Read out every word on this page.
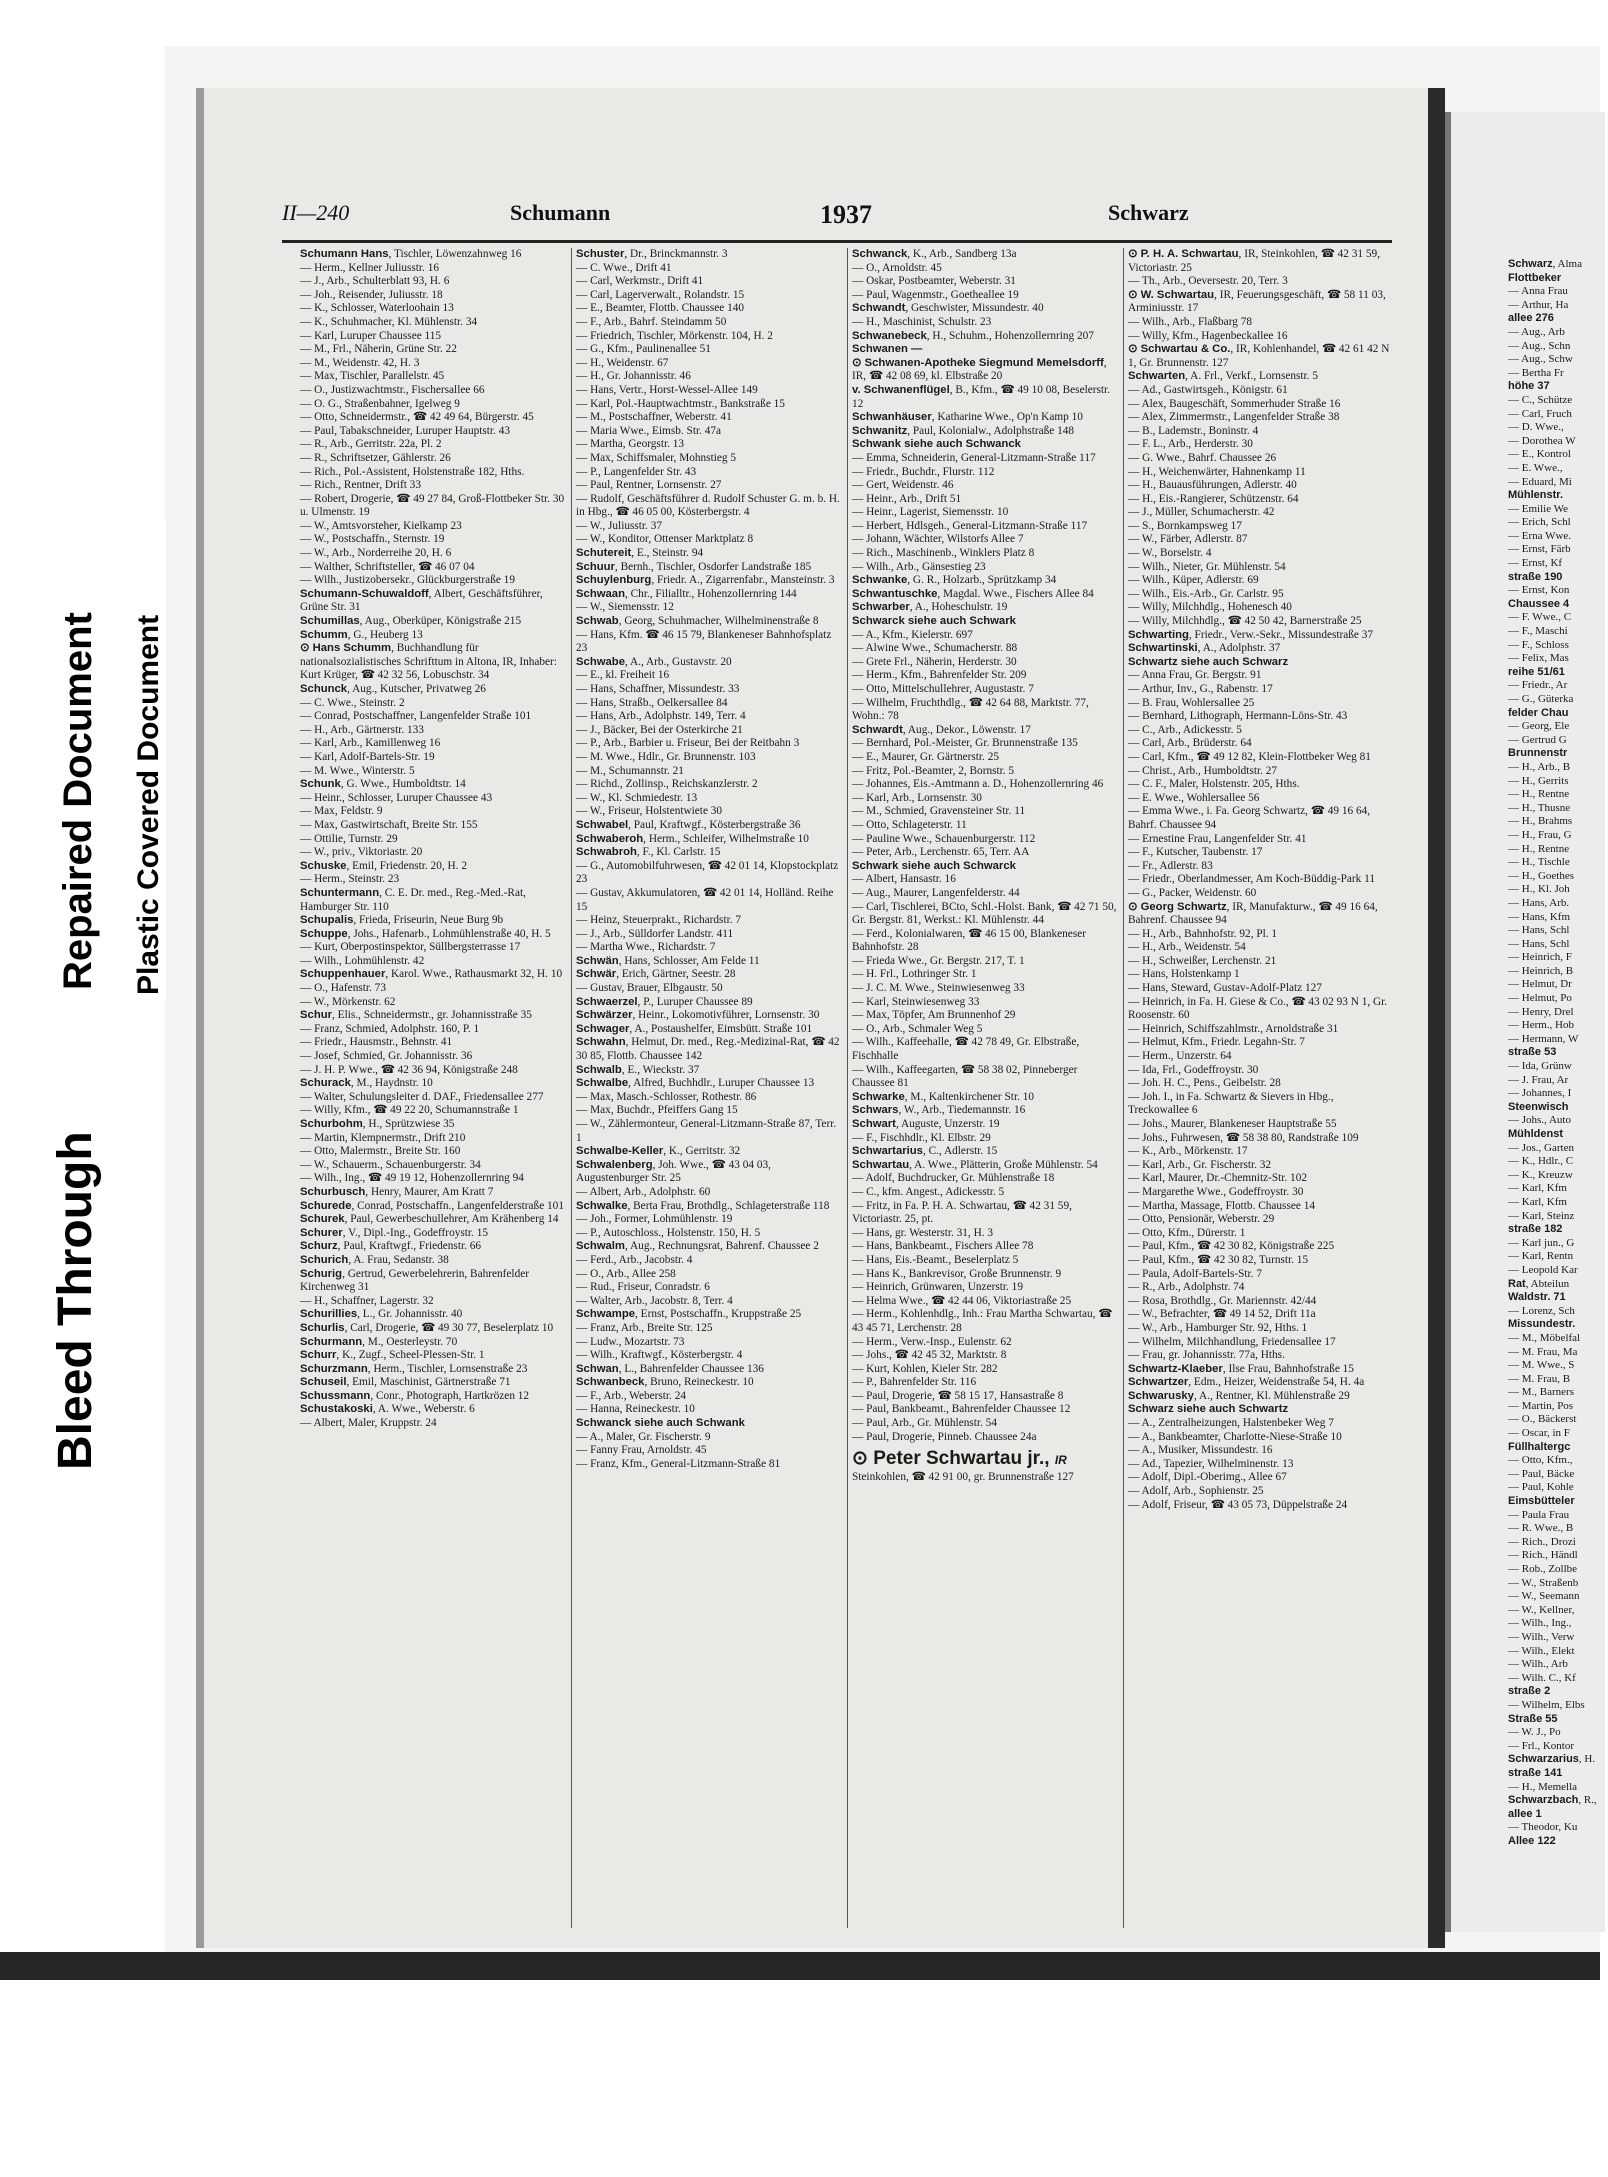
Bleed Through
Repaired Document Plastic Covered Document
II—240	Schumann	1937	Schwarz
Schumann Hans, Tischler, Löwenzahnweg 16
— Herm., Kellner Juliusstr. 16
— J., Arb., Schulterblatt 93, H. 6
— Joh., Reisender, Juliusstr. 18
— K., Schlosser, Waterloohain 13
— K., Schuhmacher, Kl. Mühlenstr. 34
— Karl, Luruper Chaussee 115
— M., Frl., Näherin, Grüne Str. 22
— M., Weidenstr. 42, H. 3
— Max, Tischler, Parallelstr. 45
— O., Justizwachtmstr., Fischersallee 66
— O. G., Straßenbahner, Igelweg 9
— Otto, Schneidermstr., ☎ 42 49 64, Bürgerstr. 45
— Paul, Tabakschneider, Luruper Hauptstr. 43
— R., Arb., Gerritstr. 22a, Pl. 2
— R., Schriftsetzer, Gählerstr. 26
— Rich., Pol.-Assistent, Holstenstraße 182, Hths.
— Rich., Rentner, Drift 33
— Robert, Drogerie, ☎ 49 27 84, Groß-Flottbeker Str. 30 u. Ulmenstr. 19
— W., Amtsvorsteher, Kielkamp 23
— W., Postschaffn., Sternstr. 19
— W., Arb., Norderreihe 20, H. 6
— Walther, Schriftsteller, ☎ 46 07 04
— Wilh., Justizobersekr., Glückburgerstraße 19
Schumann-Schuwaldoff, Albert, Geschäftsführer, Grüne Str. 31
Schumillas, Aug., Oberküper, Königstraße 215
Schumm, G., Heuberg 13
⊙ Hans Schumm, Buchhandlung für nationalsozialistisches Schrifttum in Altona, IR, Inhaber: Kurt Krüger, ☎ 42 32 56, Lobuschstr. 34
Schunck, Aug., Kutscher, Privatweg 26
— C. Wwe., Steinstr. 2
— Conrad, Postschaffner, Langenfelder Straße 101
— H., Arb., Gärtnerstr. 133
— Karl, Arb., Kamillenweg 16
— Karl, Adolf-Bartels-Str. 19
— M. Wwe., Winterstr. 5
Schunk, G. Wwe., Humboldtstr. 14
— Heinr., Schlosser, Luruper Chaussee 43
— Max, Feldstr. 9
— Max, Gastwirtschaft, Breite Str. 155
— Ottilie, Turnstr. 29
— W., priv., Viktoriastr. 20
Schuske, Emil, Friedenstr. 20, H. 2
— Herm., Steinstr. 23
Schuntermann, C. E. Dr. med., Reg.-Med.-Rat, Hamburger Str. 110
Schupalis, Frieda, Friseurin, Neue Burg 9b
Schuppe, Johs., Hafenarb., Lohmühlenstraße 40, H. 5
— Kurt, Oberpostinspektor, Süllbergsterrasse 17
— Wilh., Lohmühlenstr. 42
Schuppenhauer, Karol. Wwe., Rathausmarkt 32, H. 10
— O., Hafenstr. 73
— W., Mörkenstr. 62
Schur, Elis., Schneidermstr., gr. Johannisstraße 35
— Franz, Schmied, Adolphstr. 160, P. 1
— Friedr., Hausmstr., Behnstr. 41
— Josef, Schmied, Gr. Johannisstr. 36
— J. H. P. Wwe., ☎ 42 36 94, Königstraße 248
Schurack, M., Haydnstr. 10
— Walter, Schulungsleiter d. DAF., Friedensallee 277
— Willy, Kfm., ☎ 49 22 20, Schumannstraße 1
Schurbohm, H., Sprützwiese 35
— Martin, Klempnermstr., Drift 210
— Otto, Malermstr., Breite Str. 160
— W., Schauerm., Schauenburgerstr. 34
— Wilh., Ing., ☎ 49 19 12, Hohenzollernring 94
Schurbusch, Henry, Maurer, Am Kratt 7
Schurede, Conrad, Postschaffn., Langenfelderstraße 101
Schurek, Paul, Gewerbeschullehrer, Am Krähenberg 14
Schurer, V., Dipl.-Ing., Godeffroystr. 15
Schurz, Paul, Kraftwgf., Friedenstr. 66
Schurich, A. Frau, Sedanstr. 38
Schurig, Gertrud, Gewerbelehrerin, Bahrenfelder Kirchenweg 31
— H., Schaffner, Lagerstr. 32
Schurillies, L., Gr. Johannisstr. 40
Schurlis, Carl, Drogerie, ☎ 49 30 77, Beselerplatz 10
Schurmann, M., Oesterleystr. 70
Schurr, K., Zugf., Scheel-Plessen-Str. 1
Schurzmann, Herm., Tischler, Lornsenstraße 23
Schuseil, Emil, Maschinist, Gärtnerstraße 71
Schussmann, Conr., Photograph, Hartkrözen 12
Schustakoski, A. Wwe., Weberstr. 6
— Albert, Maler, Kruppstr. 24
Schuster, Dr., Brinckmannstr. 3
— C. Wwe., Drift 41
— Carl, Werkmstr., Drift 41
— Carl, Lagerverwalt., Rolandstr. 15
— E., Beamter, Flottb. Chaussee 140
— F., Arb., Bahrf. Steindamm 50
— Friedrich, Tischler, Mörkenstr. 104, H. 2
— G., Kfm., Paulinenallee 51
— H., Weidenstr. 67
— H., Gr. Johannisstr. 46
— Hans, Vertr., Horst-Wessel-Allee 149
— Karl, Pol.-Hauptwachtmstr., Bankstraße 15
— M., Postschaffner, Weberstr. 41
— Maria Wwe., Eimsb. Str. 47a
— Martha, Georgstr. 13
— Max, Schiffsmaler, Mohnstieg 5
— P., Langenfelder Str. 43
— Paul, Rentner, Lornsenstr. 27
— Rudolf, Geschäftsführer d. Rudolf Schuster G. m. b. H. in Hbg., ☎ 46 05 00, Kösterbergstr. 4
— W., Juliusstr. 37
— W., Konditor, Ottenser Marktplatz 8
Schutereit, E., Steinstr. 94
Schuur, Bernh., Tischler, Osdorfer Landstraße 185
Schuylenburg, Friedr. A., Zigarrenfabr., Mansteinstr. 3
Schwaan, Chr., Filialltr., Hohenzollernring 144
— W., Siemensstr. 12
Schwab, Georg, Schuhmacher, Wilhelminenstraße 8
— Hans, Kfm. ☎ 46 15 79, Blankeneser Bahnhofsplatz 23
Schwabe, A., Arb., Gustavstr. 20
— E., kl. Freiheit 16
— Hans, Schaffner, Missundestr. 33
— Hans, Straßb., Oelkersallee 84
— Hans, Arb., Adolphstr. 149, Terr. 4
— J., Bäcker, Bei der Osterkirche 21
— P., Arb., Barbier u. Friseur, Bei der Reitbahn 3
— M. Wwe., Hdlr., Gr. Brunnenstr. 103
— M., Schumannstr. 21
— Richd., Zollinsp., Reichskanzlerstr. 2
— W., Kl. Schmiedestr. 13
— W., Friseur, Holstentwiete 30
Schwabel, Paul, Kraftwgf., Kösterbergstraße 36
Schwaberoh, Herm., Schleifer, Wilhelmstraße 10
Schwabroh, F., Kl. Carlstr. 15
— G., Automobilfuhrwesen, ☎ 42 01 14, Klopstockplatz 23
— Gustav, Akkumulatoren, ☎ 42 01 14, Holländ. Reihe 15
— Heinz, Steuerprakt., Richardstr. 7
— J., Arb., Sülldorfer Landstr. 411
— Martha Wwe., Richardstr. 7
Schwän, Hans, Schlosser, Am Felde 11
Schwär, Erich, Gärtner, Seestr. 28
— Gustav, Brauer, Elbgaustr. 50
Schwaerzel, P., Luruper Chaussee 89
Schwärzer, Heinr., Lokomotivführer, Lornsenstr. 30
Schwager, A., Postaushelfer, Eimsbütt. Straße 101
Schwahn, Helmut, Dr. med., Reg.-Medizinal-Rat, ☎ 42 30 85, Flottb. Chaussee 142
Schwalb, E., Wieckstr. 37
Schwalbe, Alfred, Buchhdlr., Luruper Chaussee 13
— Max, Masch.-Schlosser, Rothestr. 86
— Max, Buchdr., Pfeiffers Gang 15
— W., Zählermonteur, General-Litzmann-Straße 87, Terr. 1
Schwalbe-Keller, K., Gerritstr. 32
Schwalenberg, Joh. Wwe., ☎ 43 04 03, Augustenburger Str. 25
— Albert, Arb., Adolphstr. 60
Schwalke, Berta Frau, Brothdlg., Schlageterstraße 118
— Joh., Former, Lohmühlenstr. 19
— P., Autoschloss., Holstenstr. 150, H. 5
Schwalm, Aug., Rechnungsrat, Bahrenf. Chaussee 2
— Ferd., Arb., Jacobstr. 4
— O., Arb., Allee 258
— Rud., Friseur, Conradstr. 6
— Walter, Arb., Jacobstr. 8, Terr. 4
Schwampe, Ernst, Postschaffn., Kruppstraße 25
— Franz, Arb., Breite Str. 125
— Ludw., Mozartstr. 73
— Wilh., Kraftwgf., Kösterbergstr. 4
Schwan, L., Bahrenfelder Chaussee 136
Schwanbeck, Bruno, Reineckestr. 10
— F., Arb., Weberstr. 24
— Hanna, Reineckestr. 10
Schwanck siehe auch Schwank
— A., Maler, Gr. Fischerstr. 9
— Fanny Frau, Arnoldstr. 45
— Franz, Kfm., General-Litzmann-Straße 81
Schwanck, K., Arb., Sandberg 13a
— O., Arnoldstr. 45
— Oskar, Postbeamter, Weberstr. 31
— Paul, Wagenmstr., Goetheallee 19
Schwandt, Geschwister, Missundestr. 40
— H., Maschinist, Schulstr. 23
Schwanebeck, H., Schuhm., Hohenzollernring 207
Schwanen —
⊙ Schwanen-Apotheke Siegmund Memelsdorff, IR, ☎ 42 08 69, kl. Elbstraße 20
v. Schwanenflügel, B., Kfm., ☎ 49 10 08, Beselerstr. 12
Schwanhäuser, Katharine Wwe., Op'n Kamp 10
Schwanitz, Paul, Kolonialw., Adolphstraße 148
Schwank siehe auch Schwanck
— Emma, Schneiderin, General-Litzmann-Straße 117
— Friedr., Buchdr., Flurstr. 112
— Gert, Weidenstr. 46
— Heinr., Arb., Drift 51
— Heinr., Lagerist, Siemensstr. 10
— Herbert, Hdlsgeh., General-Litzmann-Straße 117
— Johann, Wächter, Wilstorfs Allee 7
— Rich., Maschinenb., Winklers Platz 8
— Wilh., Arb., Gänsestieg 23
Schwanke, G. R., Holzarb., Sprützkamp 34
Schwantuschke, Magdal. Wwe., Fischers Allee 84
Schwarber, A., Hoheschulstr. 19
Schwarck siehe auch Schwark
— A., Kfm., Kielerstr. 697
— Alwine Wwe., Schumacherstr. 88
— Grete Frl., Näherin, Herderstr. 30
— Herm., Kfm., Bahrenfelder Str. 209
— Otto, Mittelschullehrer, Augustastr. 7
— Wilhelm, Fruchthdlg., ☎ 42 64 88, Marktstr. 77, Wohn.: 78
Schwardt, Aug., Dekor., Löwenstr. 17
— Bernhard, Pol.-Meister, Gr. Brunnenstraße 135
— E., Maurer, Gr. Gärtnerstr. 25
— Fritz, Pol.-Beamter, 2, Bornstr. 5
— Johannes, Eis.-Amtmann a. D., Hohenzollernring 46
— Karl, Arb., Lornsenstr. 30
— M., Schmied, Gravensteiner Str. 11
— Otto, Schlageterstr. 11
— Pauline Wwe., Schauenburgerstr. 112
— Peter, Arb., Lerchenstr. 65, Terr. AA
Schwark siehe auch Schwarck
— Albert, Hansastr. 16
— Aug., Maurer, Langenfelderstr. 44
— Carl, Tischlerei, BCto, Schl.-Holst. Bank, ☎ 42 71 50, Gr. Bergstr. 81, Werkst.: Kl. Mühlenstr. 44
— Ferd., Kolonialwaren, ☎ 46 15 00, Blankeneser Bahnhofstr. 28
— Frieda Wwe., Gr. Bergstr. 217, T. 1
— H. Frl., Lothringer Str. 1
— J. C. M. Wwe., Steinwiesenweg 33
— Karl, Steinwiesenweg 33
— Max, Töpfer, Am Brunnenhof 29
— O., Arb., Schmaler Weg 5
— Wilh., Kaffeehalle, ☎ 42 78 49, Gr. Elbstraße, Fischhalle
— Wilh., Kaffeegarten, ☎ 58 38 02, Pinneberger Chaussee 81
Schwarke, M., Kaltenkirchener Str. 10
Schwars, W., Arb., Tiedemannstr. 16
Schwart, Auguste, Unzerstr. 19
— F., Fischhdlr., Kl. Elbstr. 29
Schwartarius, C., Adlerstr. 15
Schwartau, A. Wwe., Plätterin, Große Mühlenstr. 54
— Adolf, Buchdrucker, Gr. Mühlenstraße 18
— C., kfm. Angest., Adickesstr. 5
— Fritz, in Fa. P. H. A. Schwartau, ☎ 42 31 59, Victoriastr. 25, pt.
— Hans, gr. Westerstr. 31, H. 3
— Hans, Bankbeamt., Fischers Allee 78
— Hans, Eis.-Beamt., Beselerplatz 5
— Hans K., Bankrevisor, Große Brunnenstr. 9
— Heinrich, Grünwaren, Unzerstr. 19
— Helma Wwe., ☎ 42 44 06, Viktoriastraße 25
— Herm., Kohlenhdlg., Inh.: Frau Martha Schwartau, ☎ 43 45 71, Lerchenstr. 28
— Herm., Verw.-Insp., Eulenstr. 62
— Johs., ☎ 42 45 32, Marktstr. 8
— Kurt, Kohlen, Kieler Str. 282
— P., Bahrenfelder Str. 116
— Paul, Drogerie, ☎ 58 15 17, Hansastraße 8
— Paul, Bankbeamt., Bahrenfelder Chaussee 12
— Paul, Arb., Gr. Mühlenstr. 54
— Paul, Drogerie, Pinneb. Chaussee 24a
⊙ Peter Schwartau jr., IR
Steinkohlen, ☎ 42 91 00, gr. Brunnenstraße 127
⊙ P. H. A. Schwartau, IR, Steinkohlen, ☎ 42 31 59, Victoriastr. 25
— Th., Arb., Oeversestr. 20, Terr. 3
⊙ W. Schwartau, IR, Feuerungsgeschäft, ☎ 58 11 03, Arminiusstr. 17
— Wilh., Arb., Flaßbarg 78
— Willy, Kfm., Hagenbeckallee 16
⊙ Schwartau & Co., IR, Kohlenhandel, ☎ 42 61 42 N 1, Gr. Brunnenstr. 127
Schwarten, A. Frl., Verkf., Lornsenstr. 5
— Ad., Gastwirtsgeh., Königstr. 61
— Alex, Baugeschäft, Sommerhuder Straße 16
— Alex, Zimmermstr., Langenfelder Straße 38
— B., Lademstr., Boninstr. 4
— F. L., Arb., Herderstr. 30
— G. Wwe., Bahrf. Chaussee 26
— H., Weichenwärter, Hahnenkamp 11
— H., Bauausführungen, Adlerstr. 40
— H., Eis.-Rangierer, Schützenstr. 64
— J., Müller, Schumacherstr. 42
— S., Bornkampsweg 17
— W., Färber, Adlerstr. 87
— W., Borselstr. 4
— Wilh., Nieter, Gr. Mühlenstr. 54
— Wilh., Küper, Adlerstr. 69
— Wilh., Eis.-Arb., Gr. Carlstr. 95
— Willy, Milchhdlg., Hohenesch 40
— Willy, Milchhdlg., ☎ 42 50 42, Barnerstraße 25
Schwarting, Friedr., Verw.-Sekr., Missundestraße 37
Schwartinski, A., Adolphstr. 37
Schwartz siehe auch Schwarz
— Anna Frau, Gr. Bergstr. 91
— Arthur, Inv., G., Rabenstr. 17
— B. Frau, Wohlersallee 25
— Bernhard, Lithograph, Hermann-Löns-Str. 43
— C., Arb., Adickesstr. 5
— Carl, Arb., Brüderstr. 64
— Carl, Kfm., ☎ 49 12 82, Klein-Flottbeker Weg 81
— Christ., Arb., Humboldtstr. 27
— C. F., Maler, Holstenstr. 205, Hths.
— E. Wwe., Wohlersallee 56
— Emma Wwe., i. Fa. Georg Schwartz, ☎ 49 16 64, Bahrf. Chaussee 94
— Ernestine Frau, Langenfelder Str. 41
— F., Kutscher, Taubenstr. 17
— Fr., Adlerstr. 83
— Friedr., Oberlandmesser, Am Koch-Büddig-Park 11
— G., Packer, Weidenstr. 60
⊙ Georg Schwartz, IR, Manufakturw., ☎ 49 16 64, Bahrenf. Chaussee 94
— H., Arb., Bahnhofstr. 92, Pl. 1
— H., Arb., Weidenstr. 54
— H., Schweißer, Lerchenstr. 21
— Hans, Holstenkamp 1
— Hans, Steward, Gustav-Adolf-Platz 127
— Heinrich, in Fa. H. Giese & Co., ☎ 43 02 93 N 1, Gr. Roosenstr. 60
— Heinrich, Schiffszahlmstr., Arnoldstraße 31
— Helmut, Kfm., Friedr. Legahn-Str. 7
— Herm., Unzerstr. 64
— Ida, Frl., Godeffroystr. 30
— Joh. H. C., Pens., Geibelstr. 28
— Joh. I., in Fa. Schwartz & Sievers in Hbg., Treckowallee 6
— Johs., Maurer, Blankeneser Hauptstraße 55
— Johs., Fuhrwesen, ☎ 58 38 80, Randstraße 109
— K., Arb., Mörkenstr. 17
— Karl, Arb., Gr. Fischerstr. 32
— Karl, Maurer, Dr.-Chemnitz-Str. 102
— Margarethe Wwe., Godeffroystr. 30
— Martha, Massage, Flottb. Chaussee 14
— Otto, Pensionär, Weberstr. 29
— Otto, Kfm., Dürerstr. 1
— Paul, Kfm., ☎ 42 30 82, Königstraße 225
— Paul, Kfm., ☎ 42 30 82, Turnstr. 15
— Paula, Adolf-Bartels-Str. 7
— R., Arb., Adolphstr. 74
— Rosa, Brothdlg., Gr. Mariennstr. 42/44
— W., Befrachter, ☎ 49 14 52, Drift 11a
— W., Arb., Hamburger Str. 92, Hths. 1
— Wilhelm, Milchhandlung, Friedensallee 17
— Frau, gr. Johannisstr. 77a, Hths.
Schwartz-Klaeber, Ilse Frau, Bahnhofstraße 15
Schwartzer, Edm., Heizer, Weidenstraße 54, H. 4a
Schwarusky, A., Rentner, Kl. Mühlenstraße 29
Schwarz siehe auch Schwartz
— A., Zentralheizungen, Halstenbeker Weg 7
— A., Bankbeamter, Charlotte-Niese-Straße 10
— A., Musiker, Missundestr. 16
— Ad., Tapezier, Wilhelminenstr. 13
— Adolf, Dipl.-Oberimg., Allee 67
— Adolf, Arb., Sophienstr. 25
— Adolf, Friseur, ☎ 43 05 73, Düppelstraße 24
Schwarz, Alma
Flottbeker
— Anna Frau
— Arthur, Ha
allee 276
— Aug., Arb
— Aug., Schn
— Aug., Schw
— Bertha Fr
höhe 37
— C., Schütze
— Carl, Fruch
— D. Wwe.,
— Dorothea W
— E., Kontrol
— E. Wwe.,
— Eduard, Mi
Mühlenstr.
— Emilie We
— Erich, Schl
— Erna Wwe.
— Ernst, Färb
— Ernst, Kf
straße 190
— Ernst, Kon
Chaussee 4
— F. Wwe., C
— F., Maschi
— F., Schloss
— Felix, Mas
reihe 51/61
— Friedr., Ar
— G., Güterka
felder Chau
— Georg, Ele
— Gertrud G
Brunnenstr
— H., Arb., B
— H., Gerrits
— H., Rentne
— H., Thusne
— H., Brahms
— H., Frau, G
— H., Rentne
— H., Tischle
— H., Goethes
— H., Kl. Joh
— Hans, Arb.
— Hans, Kfm
— Hans, Schl
— Hans, Schl
— Heinrich, F
— Heinrich, B
— Helmut, Dr
— Helmut, Po
— Henry, Drel
— Herm., Hob
— Hermann, W
straße 53
— Ida, Grünw
— J. Frau, Ar
— Johannes, I
Steenwisch
— Johs., Auto
Mühldenst
— Jos., Garten
— K., Hdlr., C
— K., Kreuzw
— Karl, Kfm
— Karl, Kfm
— Karl, Steinz
straße 182
— Karl jun., G
— Karl, Rentn
— Leopold Kar
Rat, Abteilun
Waldstr. 71
— Lorenz, Sch
Missundestr.
— M., Möbelfal
— M. Frau, Ma
— M. Wwe., S
— M. Frau, B
— M., Barners
— Martin, Pos
— O., Bäckerst
— Oscar, in F
Füllhaltergc
— Otto, Kfm.,
— Paul, Bäcke
— Paul, Kohle
Eimsbütteler
— Paula Frau
— R. Wwe., B
— Rich., Drozi
— Rich., Händl
— Rob., Zollbe
— W., Straßenb
— W., Seemann
— W., Kellner,
— Wilh., Ing.,
— Wilh., Verw
— Wilh., Elekt
— Wilh., Arb
— Wilh. C., Kf
straße 2
— Wilhelm, Elbs
Straße 55
— W. J., Po
— Frl., Kontor
Schwarzarius, H.
straße 141
— H., Memella
Schwarzbach, R.,
allee 1
— Theodor, Ku
Allee 122
